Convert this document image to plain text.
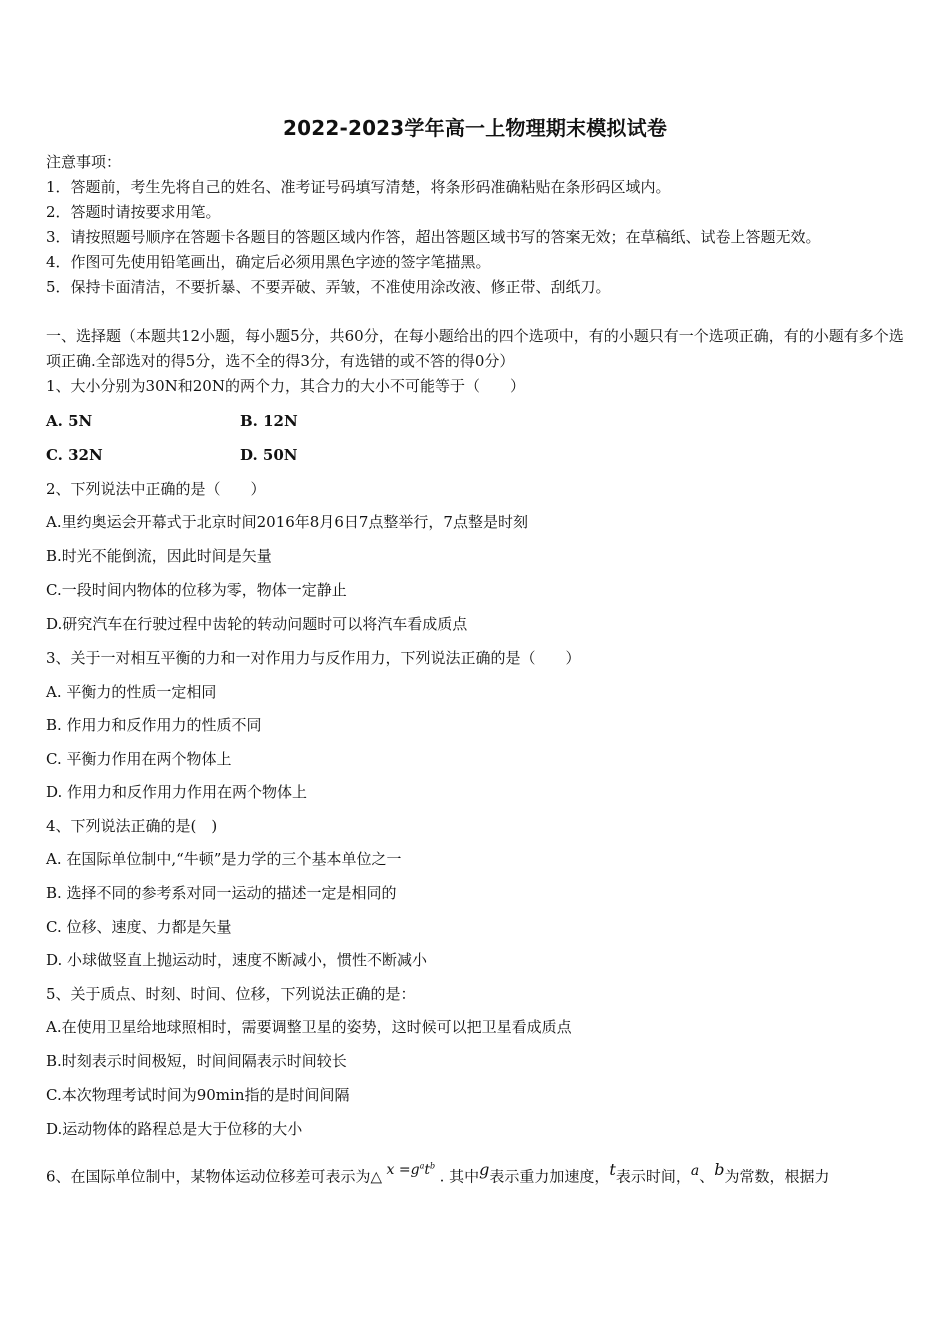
2022-2023学年高一上物理期末模拟试卷
注意事项：
1．答题前，考生先将自己的姓名、准考证号码填写清楚，将条形码准确粘贴在条形码区域内。
2．答题时请按要求用笔。
3．请按照题号顺序在答题卡各题目的答题区域内作答，超出答题区域书写的答案无效；在草稿纸、试卷上答题无效。
4．作图可先使用铅笔画出，确定后必须用黑色字迹的签字笔描黑。
5．保持卡面清洁，不要折暴、不要弄破、弄皱，不准使用涂改液、修正带、刮纸刀。
一、选择题（本题共12小题，每小题5分，共60分，在每小题给出的四个选项中，有的小题只有一个选项正确，有的小题有多个选项正确.全部选对的得5分，选不全的得3分，有选错的或不答的得0分）
1、大小分别为30N和20N的两个力，其合力的大小不可能等于（　　）
A. 5N	B. 12N
C. 32N	D. 50N
2、下列说法中正确的是（　　）
A.里约奥运会开幕式于北京时间2016年8月6日7点整举行，7点整是时刻
B.时光不能倒流，因此时间是矢量
C.一段时间内物体的位移为零，物体一定静止
D.研究汽车在行驶过程中齿轮的转动问题时可以将汽车看成质点
3、关于一对相互平衡的力和一对作用力与反作用力，下列说法正确的是（　　）
A. 平衡力的性质一定相同
B. 作用力和反作用力的性质不同
C. 平衡力作用在两个物体上
D. 作用力和反作用力作用在两个物体上
4、下列说法正确的是(　)
A. 在国际单位制中,“牛顿”是力学的三个基本单位之一
B. 选择不同的参考系对同一运动的描述一定是相同的
C. 位移、速度、力都是矢量
D. 小球做竖直上抛运动时，速度不断减小，惯性不断减小
5、关于质点、时刻、时间、位移，下列说法正确的是：
A.在使用卫星给地球照相时，需要调整卫星的姿势，这时候可以把卫星看成质点
B.时刻表示时间极短，时间间隔表示时间较长
C.本次物理考试时间为90min指的是时间间隔
D.运动物体的路程总是大于位移的大小
6、在国际单位制中，某物体运动位移差可表示为△ $x =g^at^b$ . 其中g表示重力加速度，t表示时间，a、b为常数，根据力
